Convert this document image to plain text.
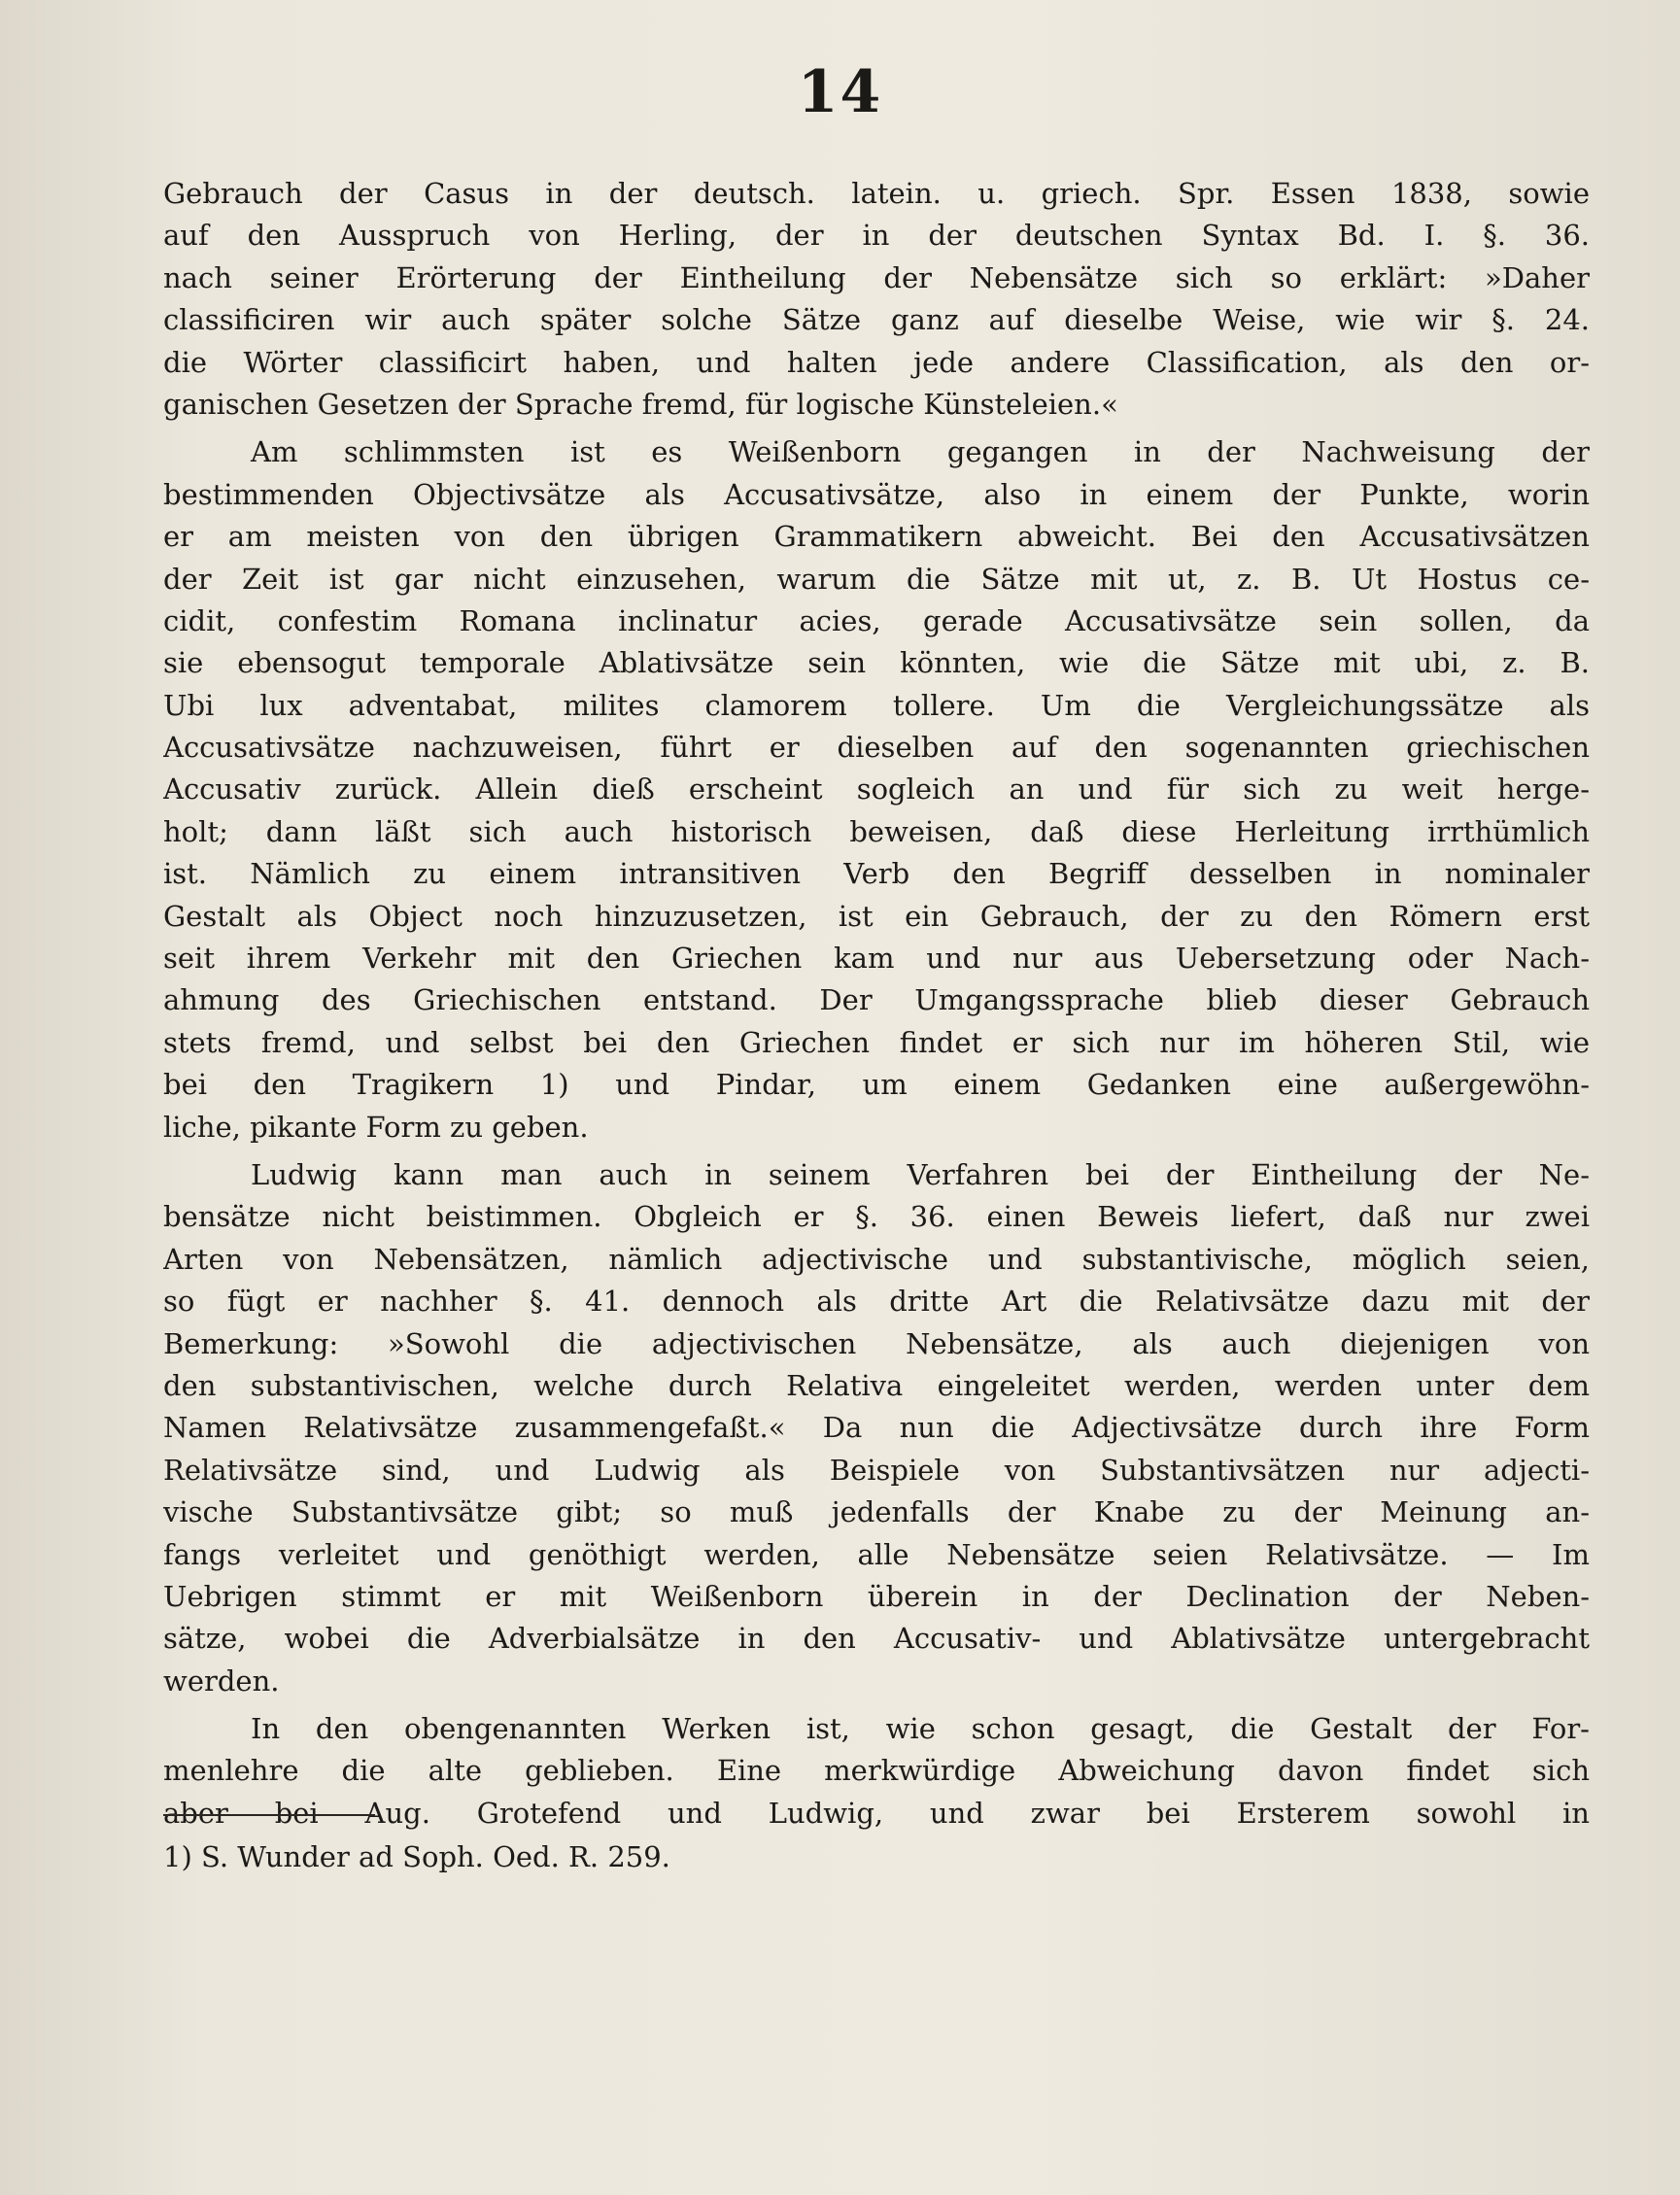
14
Gebrauch der Casus in der deutsch. latein. u. griech. Spr. Essen 1838, sowie
auf den Ausspruch von Herling, der in der deutschen Syntax Bd. I. §. 36.
nach seiner Erörterung der Eintheilung der Nebensätze sich so erklärt: »Daher
classificiren wir auch später solche Sätze ganz auf dieselbe Weise, wie wir §. 24.
die Wörter classificirt haben, und halten jede andere Classification, als den or-
ganischen Gesetzen der Sprache fremd, für logische Künsteleien.«
Am schlimmsten ist es Weißenborn gegangen in der Nachweisung der
bestimmenden Objectivsätze als Accusativsätze, also in einem der Punkte, worin
er am meisten von den übrigen Grammatikern abweicht. Bei den Accusativsätzen
der Zeit ist gar nicht einzusehen, warum die Sätze mit ut, z. B. Ut Hostus ce-
cidit, confestim Romana inclinatur acies, gerade Accusativsätze sein sollen, da
sie ebensogut temporale Ablativsätze sein könnten, wie die Sätze mit ubi, z. B.
Ubi lux adventabat, milites clamorem tollere. Um die Vergleichungssätze als
Accusativsätze nachzuweisen, führt er dieselben auf den sogenannten griechischen
Accusativ zurück. Allein dieß erscheint sogleich an und für sich zu weit herge-
holt; dann läßt sich auch historisch beweisen, daß diese Herleitung irrthümlich
ist. Nämlich zu einem intransitiven Verb den Begriff desselben in nominaler
Gestalt als Object noch hinzuzusetzen, ist ein Gebrauch, der zu den Römern erst
seit ihrem Verkehr mit den Griechen kam und nur aus Uebersetzung oder Nach-
ahmung des Griechischen entstand. Der Umgangssprache blieb dieser Gebrauch
stets fremd, und selbst bei den Griechen findet er sich nur im höheren Stil, wie
bei den Tragikern 1) und Pindar, um einem Gedanken eine außergewöhn-
liche, pikante Form zu geben.
Ludwig kann man auch in seinem Verfahren bei der Eintheilung der Ne-
bensätze nicht beistimmen. Obgleich er §. 36. einen Beweis liefert, daß nur zwei
Arten von Nebensätzen, nämlich adjectivische und substantivische, möglich seien,
so fügt er nachher §. 41. dennoch als dritte Art die Relativsätze dazu mit der
Bemerkung: »Sowohl die adjectivischen Nebensätze, als auch diejenigen von
den substantivischen, welche durch Relativa eingeleitet werden, werden unter dem
Namen Relativsätze zusammengefaßt.« Da nun die Adjectivsätze durch ihre Form
Relativsätze sind, und Ludwig als Beispiele von Substantivsätzen nur adjecti-
vische Substantivsätze gibt; so muß jedenfalls der Knabe zu der Meinung an-
fangs verleitet und genöthigt werden, alle Nebensätze seien Relativsätze. — Im
Uebrigen stimmt er mit Weißenborn überein in der Declination der Neben-
sätze, wobei die Adverbialsätze in den Accusativ- und Ablativsätze untergebracht
werden.
In den obengenannten Werken ist, wie schon gesagt, die Gestalt der For-
menlehre die alte geblieben. Eine merkwürdige Abweichung davon findet sich
aber bei Aug. Grotefend und Ludwig, und zwar bei Ersterem sowohl in
1) S. Wunder ad Soph. Oed. R. 259.
